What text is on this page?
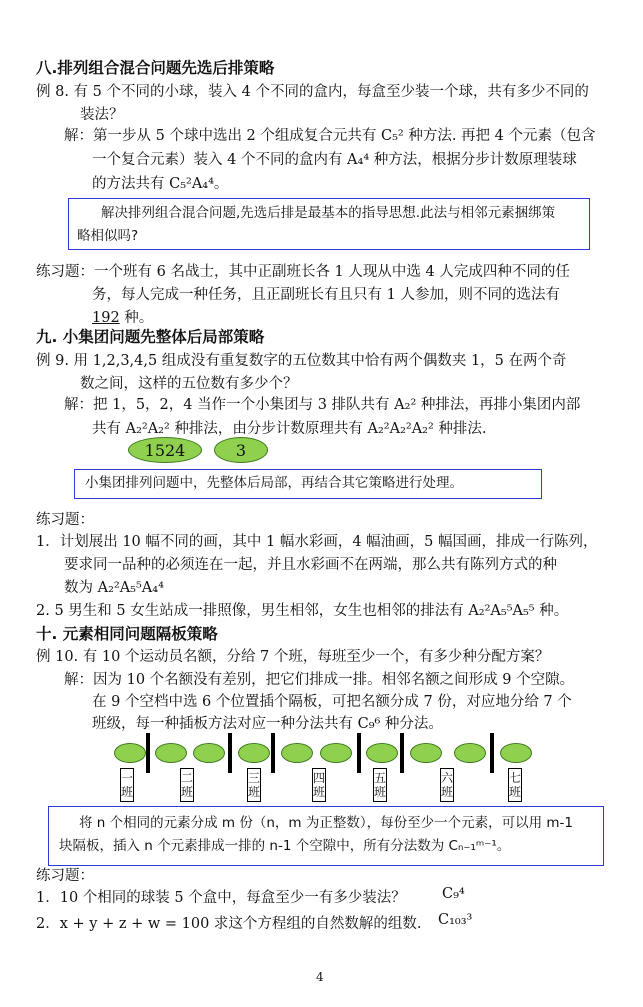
八.排列组合混合问题先选后排策略
例 8. 有 5 个不同的小球，装入 4 个不同的盒内，每盒至少装一个球，共有多少不同的
装法？
解：第一步从 5 个球中选出 2 个组成复合元共有 C₅² 种方法. 再把 4 个元素（包含
一个复合元素）装入 4 个不同的盒内有 A₄⁴ 种方法，根据分步计数原理装球
的方法共有 C₅²A₄⁴。

解决排列组合混合问题,先选后排是最基本的指导思想.此法与相邻元素捆绑策

略相似吗?

练习题：一个班有 6 名战士，其中正副班长各 1 人现从中选 4 人完成四种不同的任
务，每人完成一种任务，且正副班长有且只有 1 人参加，则不同的选法有
192 种。
九. 小集团问题先整体后局部策略
例 9. 用 1,2,3,4,5 组成没有重复数字的五位数其中恰有两个偶数夹 1，5 在两个奇
数之间，这样的五位数有多少个？
解：把 1，5，2，4 当作一个小集团与 3 排队共有 A₂² 种排法，再排小集团内部
共有 A₂²A₂² 种排法，由分步计数原理共有 A₂²A₂²A₂² 种排法.
1524	3

小集团排列问题中，先整体后局部，再结合其它策略进行处理。

练习题：
1．计划展出 10 幅不同的画，其中 1 幅水彩画，4 幅油画，5 幅国画，排成一行陈列，
要求同一品种的必须连在一起，并且水彩画不在两端，那么共有陈列方式的种
数为 A₂²A₅⁵A₄⁴
2. 5 男生和 5 女生站成一排照像，男生相邻，女生也相邻的排法有 A₂²A₅⁵A₅⁵ 种。
十. 元素相同问题隔板策略
例 10. 有 10 个运动员名额，分给 7 个班，每班至少一个，有多少种分配方案？
解：因为 10 个名额没有差别，把它们排成一排。相邻名额之间形成 9 个空隙。
在 9 个空档中选 6 个位置插个隔板，可把名额分成 7 份，对应地分给 7 个
班级，每一种插板方法对应一种分法共有 C₉⁶ 种分法。
一
班
二
班
三
班
四
班
五
班
六
班
七
班

将 n 个相同的元素分成 m 份（n，m 为正整数），每份至少一个元素，可以用 m-1

块隔板，插入 n 个元素排成一排的 n-1 个空隙中，所有分法数为 Cₙ₋₁ᵐ⁻¹。

练习题：
1．10 个相同的球装 5 个盒中，每盒至少一有多少装法？	C₉⁴
2．x + y + z + w = 100 求这个方程组的自然数解的组数. C₁₀₃³
4
